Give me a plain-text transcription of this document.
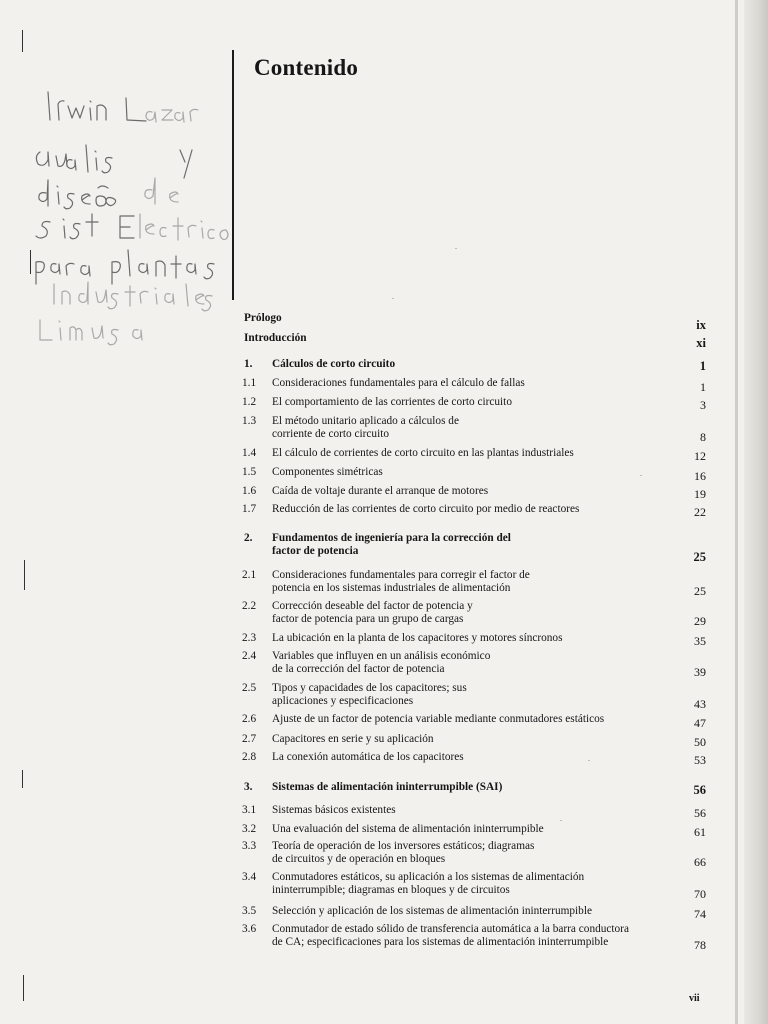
Contenido
Prólogo	ix
Introducción	xi
1. Cálculos de corto circuito	1
1.1 Consideraciones fundamentales para el cálculo de fallas	1
1.2 El comportamiento de las corrientes de corto circuito	3
1.3 El método unitario aplicado a cálculos de
corriente de corto circuito	8
1.4 El cálculo de corrientes de corto circuito en las plantas industriales	12
1.5 Componentes simétricas	16
1.6 Caída de voltaje durante el arranque de motores	19
1.7 Reducción de las corrientes de corto circuito por medio de reactores	22
2. Fundamentos de ingeniería para la corrección del
factor de potencia	25
2.1 Consideraciones fundamentales para corregir el factor de
potencia en los sistemas industriales de alimentación	25
2.2 Corrección deseable del factor de potencia y
factor de potencia para un grupo de cargas	29
2.3 La ubicación en la planta de los capacitores y motores síncronos	35
2.4 Variables que influyen en un análisis económico
de la corrección del factor de potencia	39
2.5 Tipos y capacidades de los capacitores; sus
aplicaciones y especificaciones	43
2.6 Ajuste de un factor de potencia variable mediante conmutadores estáticos	47
2.7 Capacitores en serie y su aplicación	50
2.8 La conexión automática de los capacitores	53
3. Sistemas de alimentación ininterrumpible (SAI)	56
3.1 Sistemas básicos existentes	56
3.2 Una evaluación del sistema de alimentación ininterrumpible	61
3.3 Teoría de operación de los inversores estáticos; diagramas
de circuitos y de operación en bloques	66
3.4 Conmutadores estáticos, su aplicación a los sistemas de alimentación
ininterrumpible; diagramas en bloques y de circuitos	70
3.5 Selección y aplicación de los sistemas de alimentación ininterrumpible	74
3.6 Conmutador de estado sólido de transferencia automática a la barra conductora
de CA; especificaciones para los sistemas de alimentación ininterrumpible	78
vii
